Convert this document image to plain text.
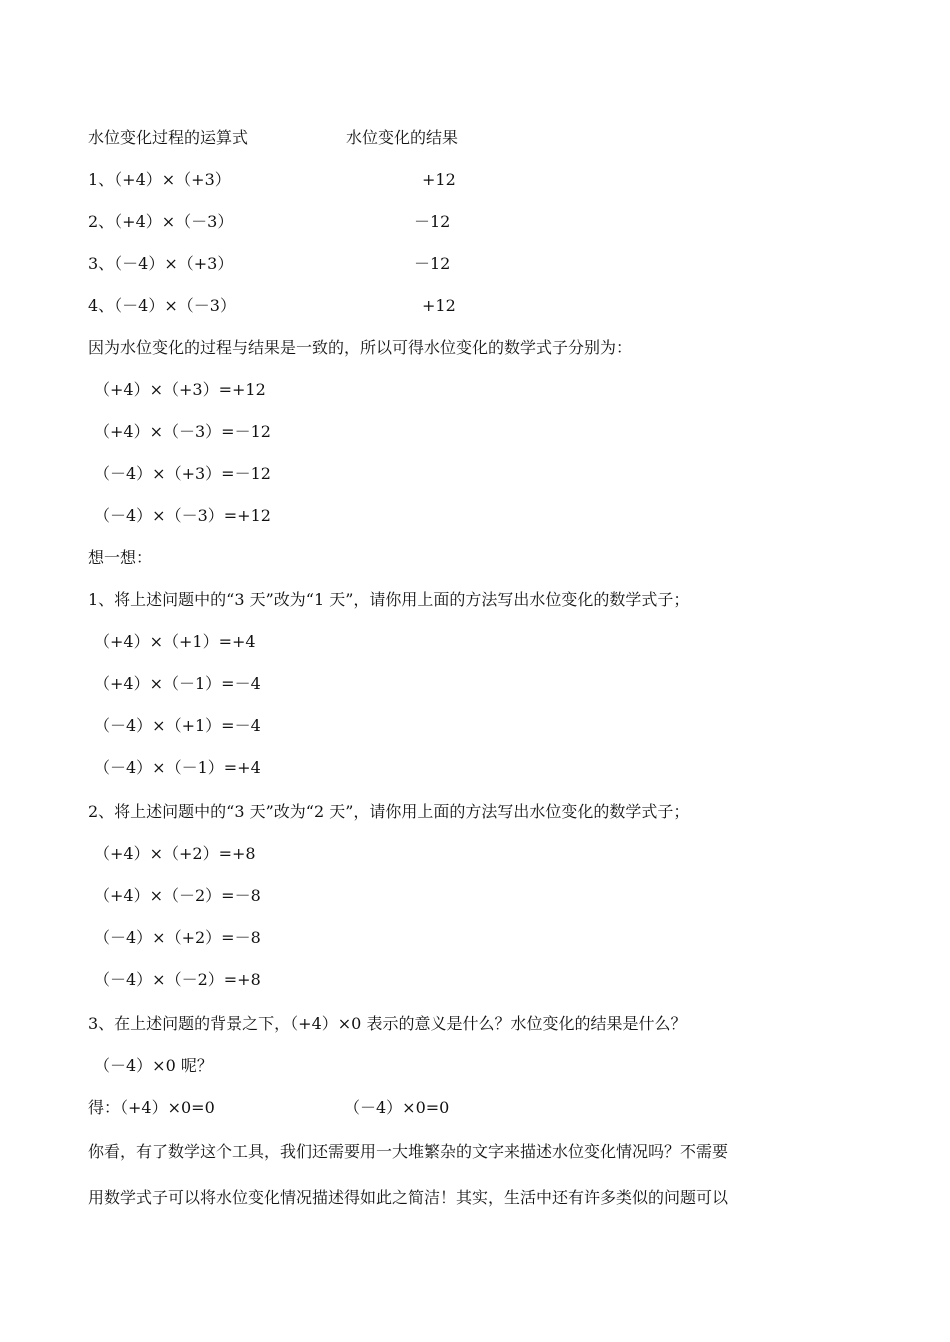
水位变化过程的运算式	水位变化的结果
1、（+4）×（+3）	+12
2、（+4）×（－3）	－12
3、（－4）×（+3）	－12
4、（－4）×（－3）	+12
因为水位变化的过程与结果是一致的，所以可得水位变化的数学式子分别为：
（+4）×（+3）=+12
（+4）×（－3）=－12
（－4）×（+3）=－12
（－4）×（－3）=+12
想一想：
1、将上述问题中的“3 天”改为“1 天”，请你用上面的方法写出水位变化的数学式子；
（+4）×（+1）=+4
（+4）×（－1）=－4
（－4）×（+1）=－4
（－4）×（－1）=+4
2、将上述问题中的“3 天”改为“2 天”，请你用上面的方法写出水位变化的数学式子；
（+4）×（+2）=+8
（+4）×（－2）=－8
（－4）×（+2）=－8
（－4）×（－2）=+8
3、在上述问题的背景之下，（+4）×0 表示的意义是什么？水位变化的结果是什么？
（－4）×0 呢？
得：（+4）×0=0	（－4）×0=0
你看，有了数学这个工具，我们还需要用一大堆繁杂的文字来描述水位变化情况吗？不需要
用数学式子可以将水位变化情况描述得如此之简洁！其实，生活中还有许多类似的问题可以
